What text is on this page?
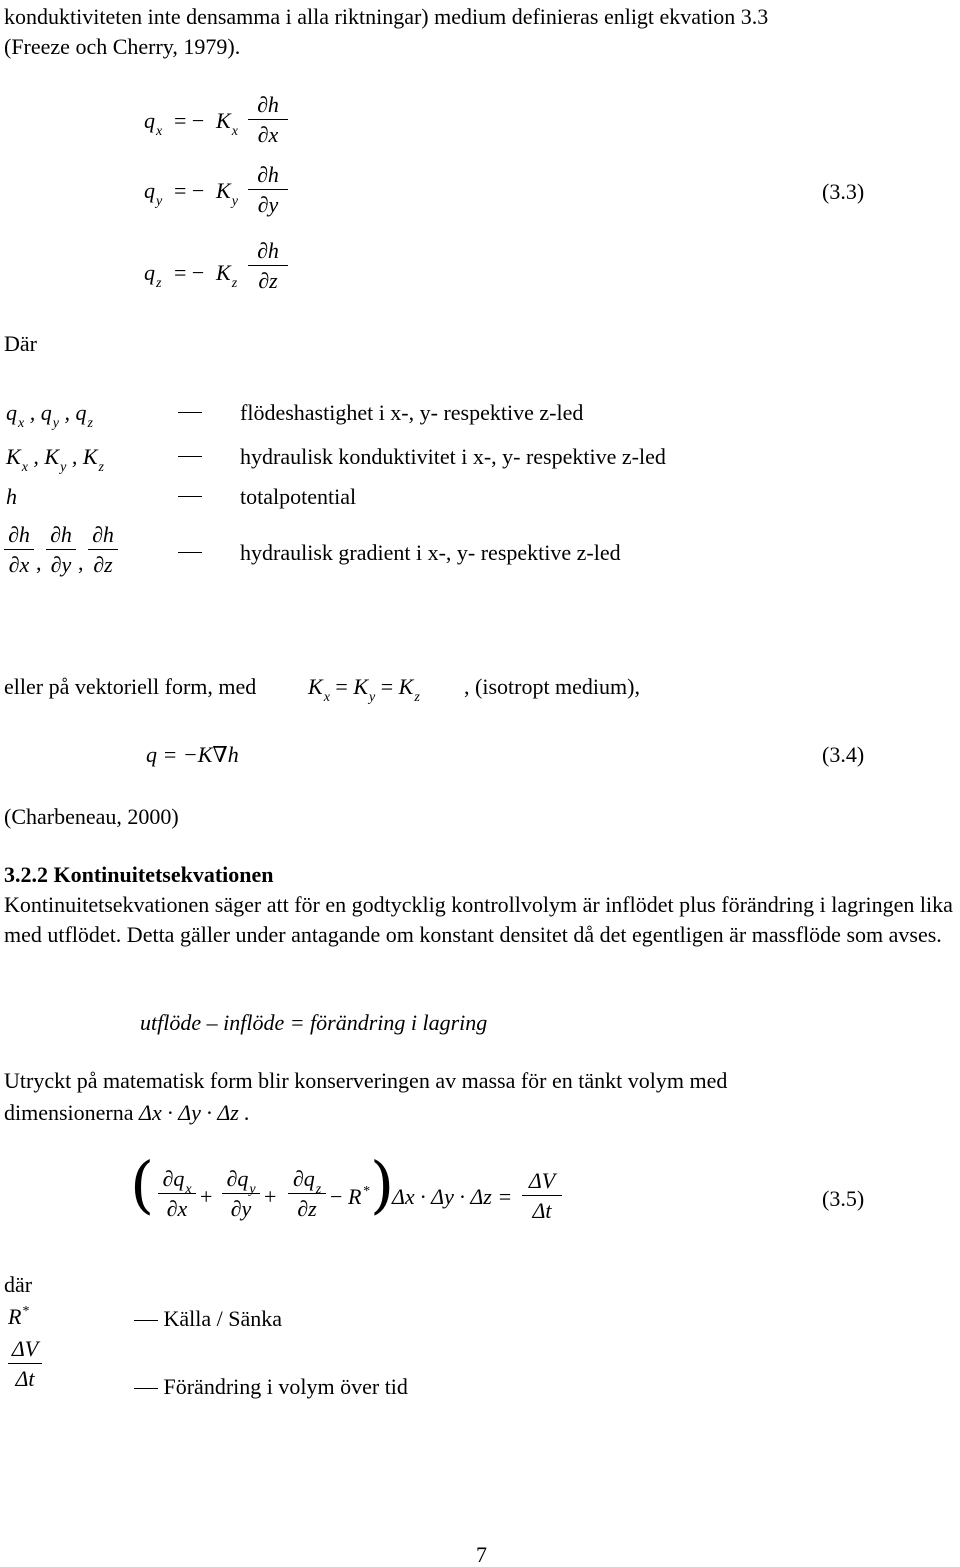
konduktiviteten inte densamma i alla riktningar) medium definieras enligt ekvation 3.3
(Freeze och Cherry, 1979).
$q_x$ = − $K_x$
∂h
∂x
$q_y$ = − $K_y$
∂h
∂y
$q_z$ = − $K_z$
∂h
∂z
(3.3)
Där
$q_x$ , $q_y$ , $q_z$	flödeshastighet i x-, y- respektive z-led
$K_x$ , $K_y$ , $K_z$	hydraulisk konduktivitet i x-, y- respektive z-led
h	totalpotential
∂h
∂x ,
∂h
∂y ,
∂h
∂z	hydraulisk gradient i x-, y- respektive z-led
eller på vektoriell form, med $K_x = K_y = K_z$ , (isotropt medium),
q = −K∇h	(3.4)
(Charbeneau, 2000)
3.2.2 Kontinuitetsekvationen
Kontinuitetsekvationen säger att för en godtycklig kontrollvolym är inflödet plus förändring i lagringen lika med utflödet. Detta gäller under antagande om konstant densitet då det egentligen är massflöde som avses.
utflöde – inflöde = förändring i lagring
Utryckt på matematisk form blir konserveringen av massa för en tänkt volym med
dimensionerna Δx · Δy · Δz .
( $\partial q_x$
∂x +
$\partial q_y$
∂y +
$\partial q_z$
∂z − R* )
Δx · Δy · Δz =
ΔV
Δt	(3.5)
där
R*	Källa / Sänka
ΔV
Δt	Förändring i volym över tid
7
